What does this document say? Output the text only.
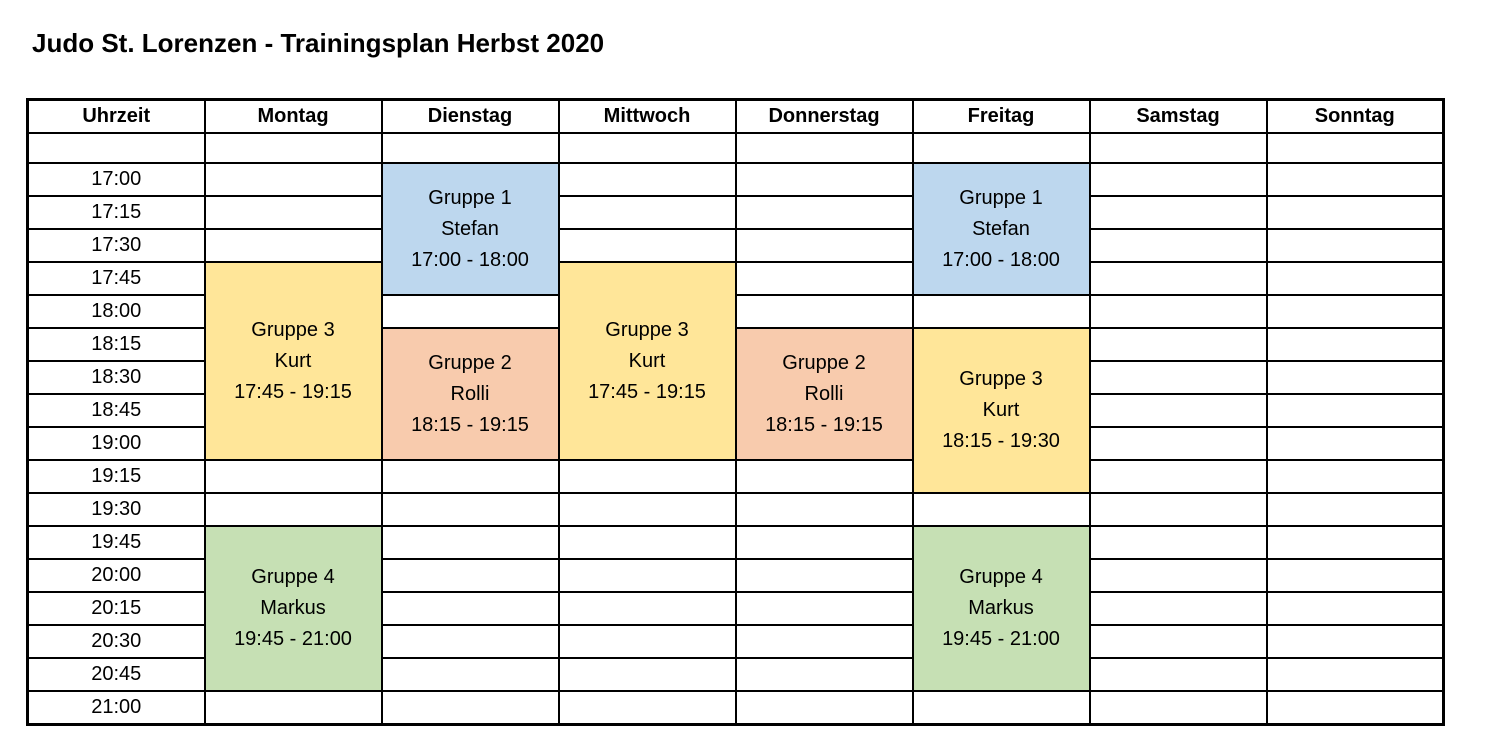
Judo St. Lorenzen - Trainingsplan Herbst 2020
Uhrzeit	Montag	Dienstag	Mittwoch	Donnerstag	Freitag	Samstag	Sonntag

17:00		Gruppe 1
Stefan
17:00 - 18:00			Gruppe 1
Stefan
17:00 - 18:00		

17:15							
17:30							
17:45	Gruppe 3
Kurt
17:45 - 19:15		Gruppe 3
Kurt
17:45 - 19:15				

18:00							
18:15		Gruppe 2
Rolli
18:15 - 19:15		Gruppe 2
Rolli
18:15 - 19:15	Gruppe 3
Kurt
18:15 - 19:30		

18:30							
18:45							
19:00							
19:15							
19:30							
19:45	Gruppe 4
Markus
19:45 - 21:00				Gruppe 4
Markus
19:45 - 21:00		

20:00							
20:15							
20:30							
20:45							
21:00							
